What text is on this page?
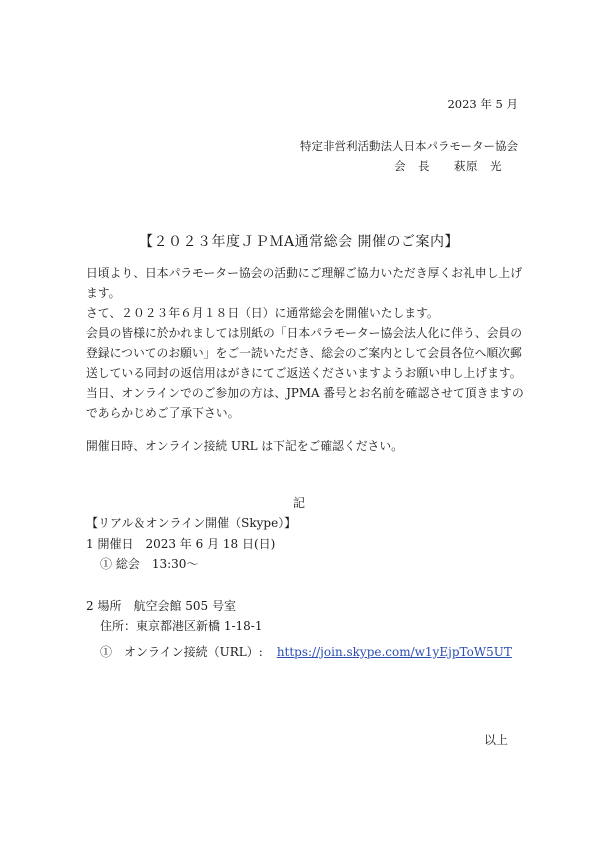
2023 年 5 月
特定非営利活動法人日本パラモーター協会
会　長　　萩原　光
【２０２３年度ＪＰＭA通常総会 開催のご案内】
日頃より、日本パラモーター協会の活動にご理解ご協力いただき厚くお礼申し上げ
ます。
さて、２０２３年６月１８日（日）に通常総会を開催いたします。
会員の皆様に於かれましては別紙の「日本パラモーター協会法人化に伴う、会員の
登録についてのお願い」をご一読いただき、総会のご案内として会員各位へ順次郵
送している同封の返信用はがきにてご返送くださいますようお願い申し上げます。
当日、オンラインでのご参加の方は、JPMA 番号とお名前を確認させて頂きますの
であらかじめご了承下さい。
開催日時、オンライン接続 URL は下記をご確認ください。
記
【リアル＆オンライン開催（Skype）】
1 開催日　2023 年 6 月 18 日(日)
① 総会　13:30〜
2 場所　航空会館 505 号室
住所：東京都港区新橋 1-18-1
①　オンライン接続（URL）: https://join.skype.com/w1yEjpToW5UT
以上
